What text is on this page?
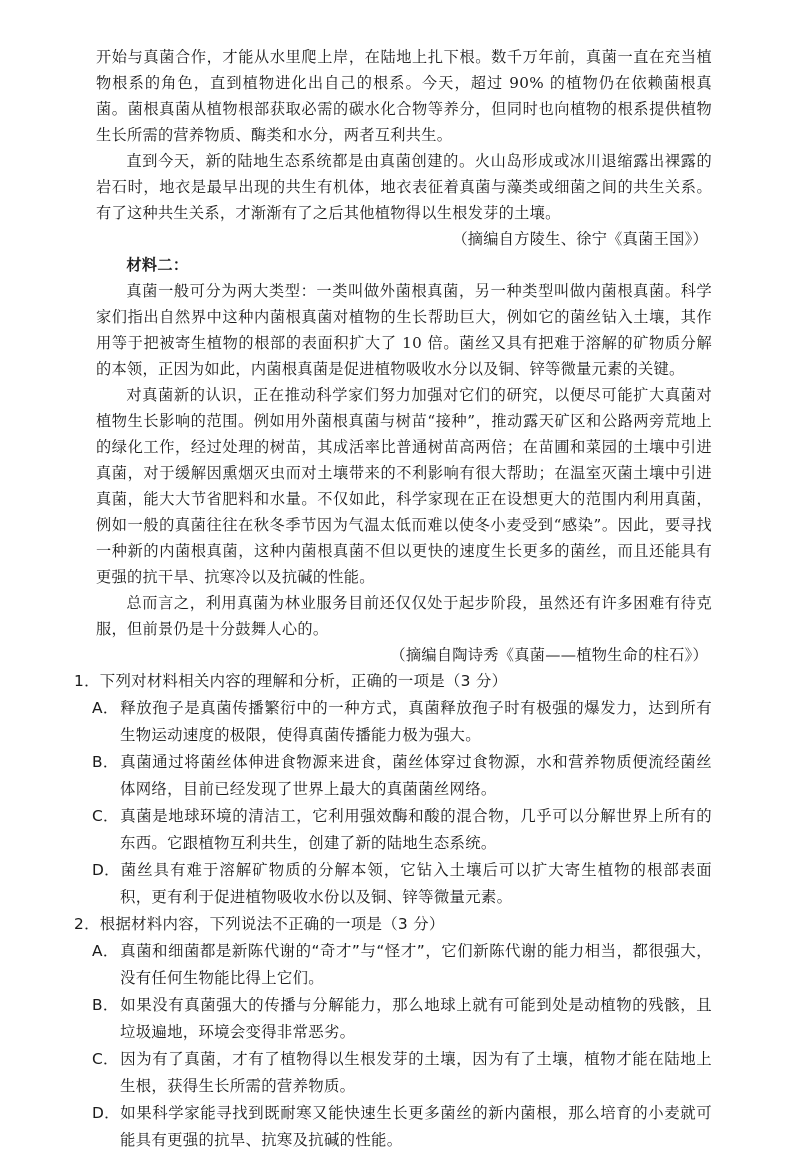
开始与真菌合作，才能从水里爬上岸，在陆地上扎下根。数千万年前，真菌一直在充当植物根系的角色，直到植物进化出自己的根系。今天，超过 90% 的植物仍在依赖菌根真菌。菌根真菌从植物根部获取必需的碳水化合物等养分，但同时也向植物的根系提供植物生长所需的营养物质、酶类和水分，两者互利共生。

直到今天，新的陆地生态系统都是由真菌创建的。火山岛形成或冰川退缩露出裸露的岩石时，地衣是最早出现的共生有机体，地衣表征着真菌与藻类或细菌之间的共生关系。有了这种共生关系，才渐渐有了之后其他植物得以生根发芽的土壤。

（摘编自方陵生、徐宁《真菌王国》）

材料二：

真菌一般可分为两大类型：一类叫做外菌根真菌，另一种类型叫做内菌根真菌。科学家们指出自然界中这种内菌根真菌对植物的生长帮助巨大，例如它的菌丝钻入土壤，其作用等于把被寄生植物的根部的表面积扩大了 10 倍。菌丝又具有把难于溶解的矿物质分解的本领，正因为如此，内菌根真菌是促进植物吸收水分以及铜、锌等微量元素的关键。

对真菌新的认识，正在推动科学家们努力加强对它们的研究，以便尽可能扩大真菌对植物生长影响的范围。例如用外菌根真菌与树苗“接种”，推动露天矿区和公路两旁荒地上的绿化工作，经过处理的树苗，其成活率比普通树苗高两倍；在苗圃和菜园的土壤中引进真菌，对于缓解因熏烟灭虫而对土壤带来的不利影响有很大帮助；在温室灭菌土壤中引进真菌，能大大节省肥料和水量。不仅如此，科学家现在正在设想更大的范围内利用真菌，例如一般的真菌往往在秋冬季节因为气温太低而难以使冬小麦受到“感染”。因此，要寻找一种新的内菌根真菌，这种内菌根真菌不但以更快的速度生长更多的菌丝，而且还能具有更强的抗干旱、抗寒冷以及抗碱的性能。

总而言之，利用真菌为林业服务目前还仅仅处于起步阶段，虽然还有许多困难有待克服，但前景仍是十分鼓舞人心的。

（摘编自陶诗秀《真菌——植物生命的柱石》）

1．下列对材料相关内容的理解和分析，正确的一项是（3 分）

A．释放孢子是真菌传播繁衍中的一种方式，真菌释放孢子时有极强的爆发力，达到所有生物运动速度的极限，使得真菌传播能力极为强大。

B．真菌通过将菌丝体伸进食物源来进食，菌丝体穿过食物源，水和营养物质便流经菌丝体网络，目前已经发现了世界上最大的真菌菌丝网络。

C．真菌是地球环境的清洁工，它利用强效酶和酸的混合物，几乎可以分解世界上所有的东西。它跟植物互利共生，创建了新的陆地生态系统。

D．菌丝具有难于溶解矿物质的分解本领，它钻入土壤后可以扩大寄生植物的根部表面积，更有利于促进植物吸收水份以及铜、锌等微量元素。

2．根据材料内容，下列说法不正确的一项是（3 分）

A．真菌和细菌都是新陈代谢的“奇才”与“怪才”，它们新陈代谢的能力相当，都很强大，没有任何生物能比得上它们。

B．如果没有真菌强大的传播与分解能力，那么地球上就有可能到处是动植物的残骸，且垃圾遍地，环境会变得非常恶劣。

C．因为有了真菌，才有了植物得以生根发芽的土壤，因为有了土壤，植物才能在陆地上生根，获得生长所需的营养物质。

D．如果科学家能寻找到既耐寒又能快速生长更多菌丝的新内菌根，那么培育的小麦就可能具有更强的抗旱、抗寒及抗碱的性能。
